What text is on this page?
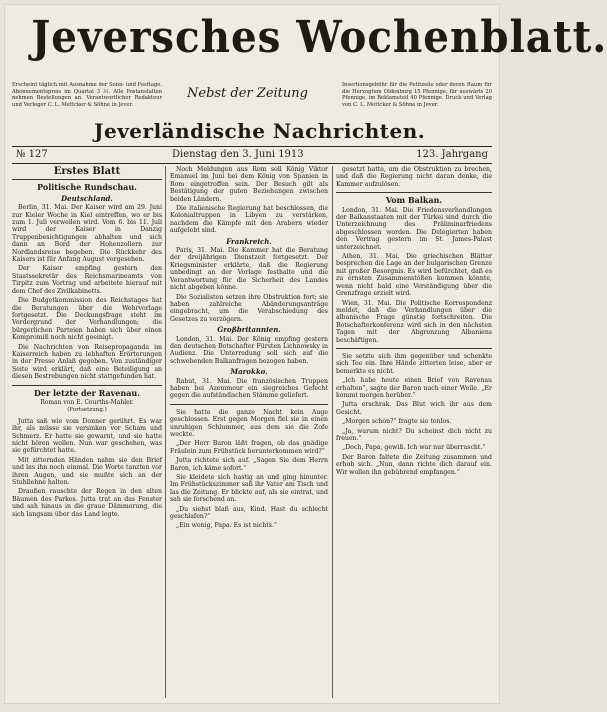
Jeversches Wochenblatt.
Erscheint täglich mit Ausnahme der Sonn- und Festtage. Abonnementspreis im Quartal 3 ℳ. Alle Postanstalten nehmen Bestellungen an. Verantwortlicher Redakteur und Verleger C. L. Mettcker & Söhne in Jever.
Nebst der Zeitung
Insertionsgebühr für die Petitzeile oder deren Raum für die Herzogtum Oldenburg 15 Pfennige, für auswärts 20 Pfennige, im Reklameteil 40 Pfennige. Druck und Verlag von C. L. Mettcker & Söhne in Jever.
Jeverländische Nachrichten.
№ 127	Dienstag den 3. Juni 1913	123. Jahrgang
Erstes Blatt
Politische Rundschau.
Deutschland.

Berlin, 31. Mai. Der Kaiser wird am 29. Juni zur Kieler Woche in Kiel eintreffen, wo er bis zum 1. Juli verweilen wird. Vom 6. bis 11. Juli wird der Kaiser in Danzig Truppenbesichtigungen abhalten und sich dann an Bord der Hohenzollern zur Nordlandsreise begeben. Die Rückkehr des Kaisers ist für Anfang August vorgesehen.

Der Kaiser empfing gestern den Staatssekretär des Reichsmarineamts von Tirpitz zum Vortrag und arbeitete hierauf mit dem Chef des Zivilkabinetts.

Die Budgetkommission des Reichstages hat die Beratungen über die Wehrvorlage fortgesetzt. Die Deckungsfrage steht im Vordergrund der Verhandlungen; die bürgerlichen Parteien haben sich über einen Kompromiß noch nicht geeinigt.

Die Nachrichten von Reisepropaganda im Kaiserreich haben zu lebhaften Erörterungen in der Presse Anlaß gegeben. Von zuständiger Seite wird erklärt, daß eine Beteiligung an diesen Bestrebungen nicht stattgefunden hat.

Der letzte der Ravenau.
Roman von E. Courths-Mahler.
(Fortsetzung.)

Jutta saß wie vom Donner gerührt. Es war ihr, als müsse sie versinken vor Scham und Schmerz. Er hatte sie gewarnt, und sie hatte nicht hören wollen. Nun war geschehen, was sie gefürchtet hatte.

Mit zitternden Händen nahm sie den Brief und las ihn noch einmal. Die Worte tanzten vor ihren Augen, und sie mußte sich an der Stuhllehne halten.

Draußen rauschte der Regen in den alten Bäumen des Parkes. Jutta trat an das Fenster und sah hinaus in die graue Dämmerung, die sich langsam über das Land legte.

Noch Meldungen aus Rom soll König Viktor Emanuel im Juni bei dem König von Spanien in Rom eingetroffen sein. Der Besuch gilt als Bestätigung der guten Beziehungen zwischen beiden Ländern.

Die italienische Regierung hat beschlossen, die Kolonialtruppen in Libyen zu verstärken, nachdem die Kämpfe mit den Arabern wieder aufgelebt sind.

Frankreich.

Paris, 31. Mai. Die Kammer hat die Beratung der dreijährigen Dienstzeit fortgesetzt. Der Kriegsminister erklärte, daß die Regierung unbedingt an der Vorlage festhalte und die Verantwortung für die Sicherheit des Landes nicht abgeben könne.

Die Sozialisten setzen ihre Obstruktion fort; sie haben zahlreiche Abänderungsanträge eingebracht, um die Verabschiedung des Gesetzes zu verzögern.

Großbritannien.

London, 31. Mai. Der König empfing gestern den deutschen Botschafter Fürsten Lichnowsky in Audienz. Die Unterredung soll sich auf die schwebenden Balkanfragen bezogen haben.

Marokko.

Rabat, 31. Mai. Die französischen Truppen haben bei Azemmour ein siegreiches Gefecht gegen die aufständischen Stämme geliefert.

Sie hatte die ganze Nacht kein Auge geschlossen. Erst gegen Morgen fiel sie in einen unruhigen Schlummer, aus dem sie die Zofe weckte.

„Der Herr Baron läßt fragen, ob das gnädige Fräulein zum Frühstück herunterkommen wird?“

Jutta richtete sich auf. „Sagen Sie dem Herrn Baron, ich käme sofort.“

Sie kleidete sich hastig an und ging hinunter. Im Frühstückszimmer saß ihr Vater am Tisch und las die Zeitung. Er blickte auf, als sie eintrat, und sah sie forschend an.

„Du siehst blaß aus, Kind. Hast du schlecht geschlafen?“

„Ein wenig, Papa. Es ist nichts.“

gesetzt hatte, um die Obstruktion zu brechen, und daß die Regierung nicht daran denke, die Kammer aufzulösen.

Vom Balkan.

London, 31. Mai. Die Friedensverhandlungen der Balkanstaaten mit der Türkei sind durch die Unterzeichnung des Präliminarfriedens abgeschlossen worden. Die Delegierten haben den Vertrag gestern im St. James-Palast unterzeichnet.

Athen, 31. Mai. Die griechischen Blätter besprechen die Lage an der bulgarischen Grenze mit großer Besorgnis. Es wird befürchtet, daß es zu ernsten Zusammenstößen kommen könnte, wenn nicht bald eine Verständigung über die Grenzfrage erzielt wird.

Wien, 31. Mai. Die Politische Korrespondenz meldet, daß die Verhandlungen über die albanische Frage günstig fortschreiten. Die Botschafterkonferenz wird sich in den nächsten Tagen mit der Abgrenzung Albaniens beschäftigen.

Sie setzte sich ihm gegenüber und schenkte sich Tee ein. Ihre Hände zitterten leise, aber er bemerkte es nicht.

„Ich habe heute einen Brief von Ravenau erhalten“, sagte der Baron nach einer Weile. „Er kommt morgen herüber.“

Jutta erschrak. Das Blut wich ihr aus dem Gesicht.

„Morgen schon?“ fragte sie tonlos.

„Ja, warum nicht? Du scheinst dich nicht zu freuen.“

„Doch, Papa, gewiß. Ich war nur überrascht.“

Der Baron faltete die Zeitung zusammen und erhob sich. „Nun, dann richte dich darauf ein. Wir wollen ihn gebührend empfangen.“
